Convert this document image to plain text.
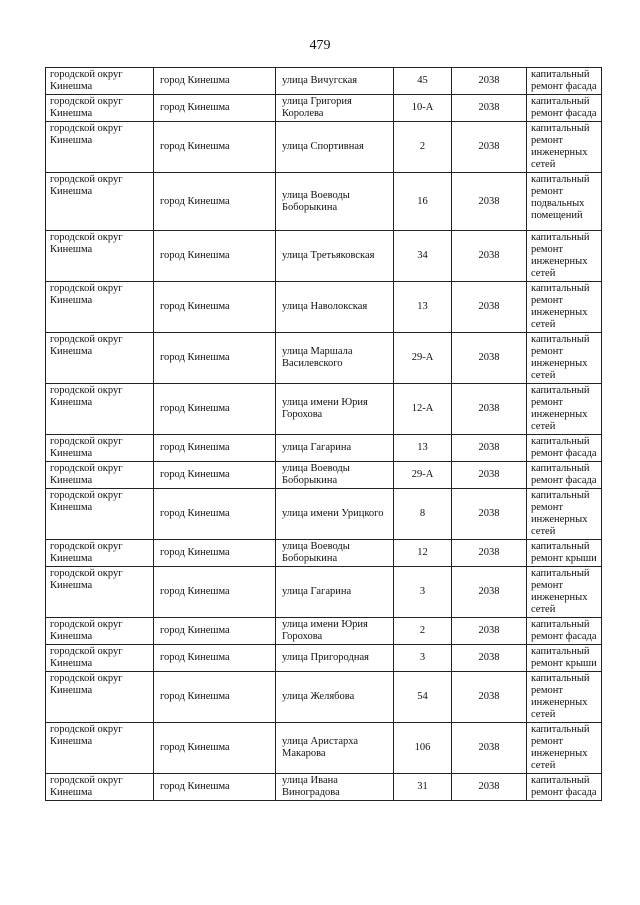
479
городской округ Кинешма	город Кинешма	улица Вичугская	45	2038	капитальный ремонт фасада
городской округ Кинешма	город Кинешма	улица Григория Королева	10-А	2038	капитальный ремонт фасада
городской округ Кинешма	город Кинешма	улица Спортивная	2	2038	капитальный ремонт инженерных сетей
городской округ Кинешма	город Кинешма	улица Воеводы Боборыкина	16	2038	капитальный ремонт подвальных помещений
городской округ Кинешма	город Кинешма	улица Третьяковская	34	2038	капитальный ремонт инженерных сетей
городской округ Кинешма	город Кинешма	улица Наволокская	13	2038	капитальный ремонт инженерных сетей
городской округ Кинешма	город Кинешма	улица Маршала Василевского	29-А	2038	капитальный ремонт инженерных сетей
городской округ Кинешма	город Кинешма	улица имени Юрия Горохова	12-А	2038	капитальный ремонт инженерных сетей
городской округ Кинешма	город Кинешма	улица Гагарина	13	2038	капитальный ремонт фасада
городской округ Кинешма	город Кинешма	улица Воеводы Боборыкина	29-А	2038	капитальный ремонт фасада
городской округ Кинешма	город Кинешма	улица имени Урицкого	8	2038	капитальный ремонт инженерных сетей
городской округ Кинешма	город Кинешма	улица Воеводы Боборыкина	12	2038	капитальный ремонт крыши
городской округ Кинешма	город Кинешма	улица Гагарина	3	2038	капитальный ремонт инженерных сетей
городской округ Кинешма	город Кинешма	улица имени Юрия Горохова	2	2038	капитальный ремонт фасада
городской округ Кинешма	город Кинешма	улица Пригородная	3	2038	капитальный ремонт крыши
городской округ Кинешма	город Кинешма	улица Желябова	54	2038	капитальный ремонт инженерных сетей
городской округ Кинешма	город Кинешма	улица Аристарха Макарова	106	2038	капитальный ремонт инженерных сетей
городской округ Кинешма	город Кинешма	улица Ивана Виноградова	31	2038	капитальный ремонт фасада
